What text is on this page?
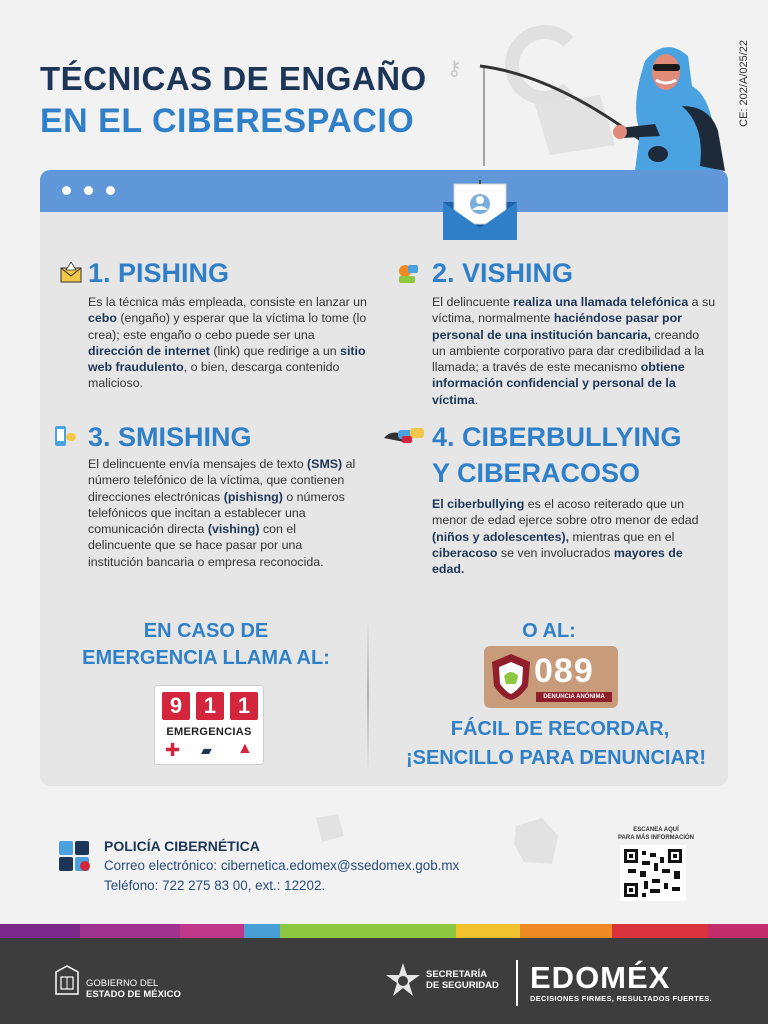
⚷
TÉCNICAS DE ENGAÑO
EN EL CIBERESPACIO	CE: 202/A/025/22
1. PISHING
Es la técnica más empleada, consiste en lanzar un cebo (engaño) y esperar que la víctima lo tome (lo crea); este engaño o cebo puede ser una dirección de internet (link) que redirige a un sitio web fraudulento, o bien, descarga contenido malicioso.
2. VISHING
El delincuente realiza una llamada telefónica a su víctima, normalmente haciéndose pasar por personal de una institución bancaria, creando un ambiente corporativo para dar credibilidad a la llamada; a través de este mecanismo obtiene información confidencial y personal de la víctima.
3. SMISHING
El delincuente envía mensajes de texto (SMS) al número telefónico de la víctima, que contienen direcciones electrónicas (pishisng) o números telefónicos que incitan a establecer una comunicación directa (vishing) con el delincuente que se hace pasar por una institución bancaria o empresa reconocida.
4. CIBERBULLYING
Y CIBERACOSO
El ciberbullying es el acoso reiterado que un menor de edad ejerce sobre otro menor de edad (niños y adolescentes), mientras que en el ciberacoso se ven involucrados mayores de edad.
EN CASO DE
EMERGENCIA LLAMA AL:
9 1 1
EMERGENCIAS
✚ ▰ ▲
O AL:
089
DENUNCIA ANÓNIMA
FÁCIL DE RECORDAR,
¡SENCILLO PARA DENUNCIAR!
POLICÍA CIBERNÉTICA
Correo electrónico: cibernetica.edomex@ssedomex.gob.mx
Teléfono: 722 275 83 00, ext.: 12202.
ESCANEA AQUÍ
PARA MÁS INFORMACIÓN
GOBIERNO DEL
ESTADO DE MÉXICO
SECRETARÍA
DE SEGURIDAD EDOMÉX
DECISIONES FIRMES, RESULTADOS FUERTES.
